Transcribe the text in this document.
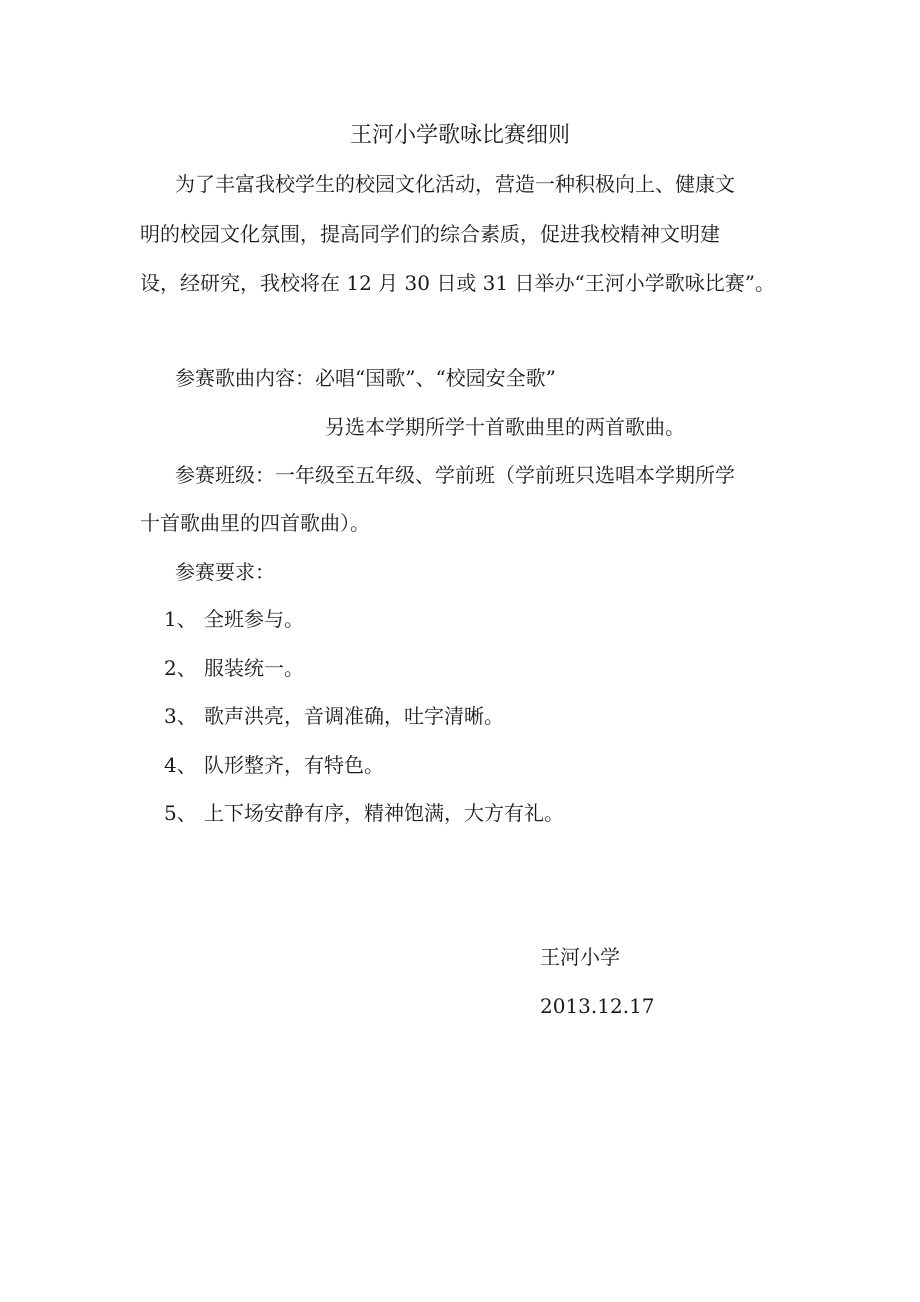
王河小学歌咏比赛细则
为了丰富我校学生的校园文化活动，营造一种积极向上、健康文
明的校园文化氛围，提高同学们的综合素质，促进我校精神文明建
设，经研究，我校将在 12 月 30 日或 31 日举办“王河小学歌咏比赛”。
参赛歌曲内容：必唱“国歌”、“校园安全歌”
另选本学期所学十首歌曲里的两首歌曲。
参赛班级：一年级至五年级、学前班（学前班只选唱本学期所学
十首歌曲里的四首歌曲）。
参赛要求：
1、 全班参与。
2、 服装统一。
3、 歌声洪亮，音调准确，吐字清晰。
4、 队形整齐，有特色。
5、 上下场安静有序，精神饱满，大方有礼。
王河小学
2013.12.17
